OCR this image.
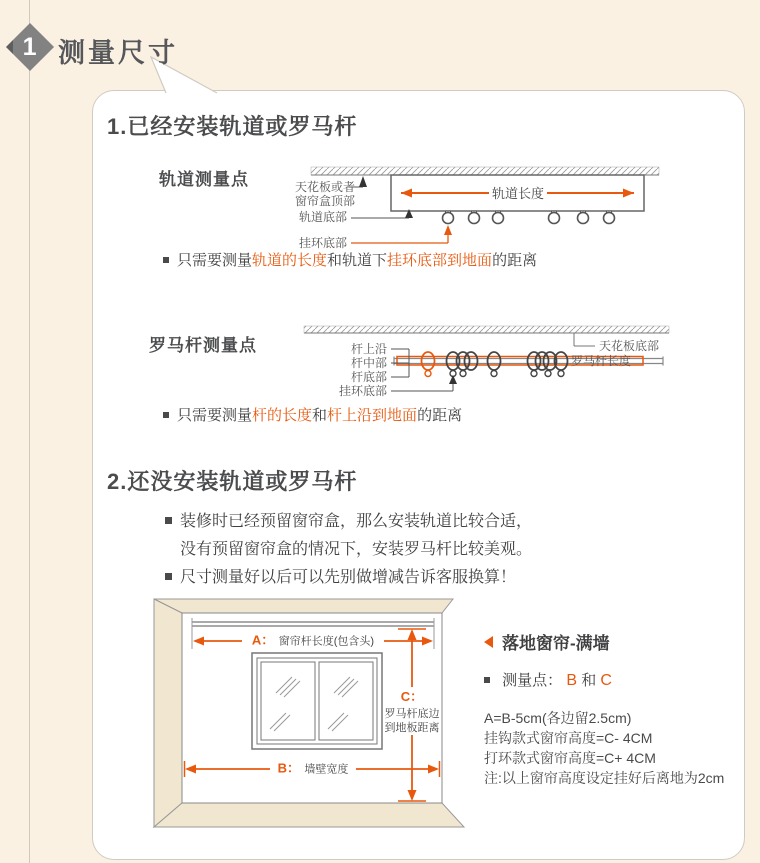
1 测量尺寸
1.已经安装轨道或罗马杆
轨道测量点
轨道长度
天花板或者
窗帘盒顶部
轨道底部
挂环底部
只需要测量轨道的长度和轨道下挂环底部到地面的距离
罗马杆测量点	天花板底部
罗马杆长度
杆上沿
杆中部
杆底部
挂环底部
只需要测量杆的长度和杆上沿到地面的距离
2.还没安装轨道或罗马杆
装修时已经预留窗帘盒，那么安装轨道比较合适，
没有预留窗帘盒的情况下，安装罗马杆比较美观。
尺寸测量好以后可以先别做增减告诉客服换算！
A： 窗帘杆长度(包含头)
B： 墙壁宽度
C：
罗马杆底边
到地板距离
落地窗帘-满墙
测量点： B 和 C
A=B-5cm(各边留2.5cm)
挂钩款式窗帘高度=C- 4CM
打环款式窗帘高度=C+ 4CM
注:以上窗帘高度设定挂好后离地为2cm
